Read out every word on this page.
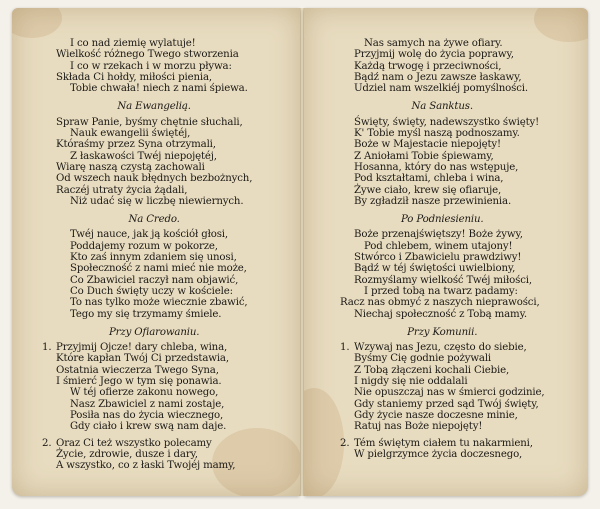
I co nad ziemię wylatuje!
Wielkość różnego Twego stworzenia
I co w rzekach i w morzu pływa:
Składa Ci hołdy, miłości pienia,
Tobie chwała! niech z nami śpiewa.
Na Ewangelią.
Spraw Panie, byśmy chętnie słuchali,
Nauk ewangelii świętéj,
Któraśmy przez Syna otrzymali,
Z łaskawości Twéj niepojętéj,
Wiarę naszą czystą zachowali
Od wszech nauk błędnych bezbożnych,
Raczéj utraty życia żądali,
Niż udać się w liczbę niewiernych.
Na Credo.
Twéj nauce, jak ją kościół głosi,
Poddajemy rozum w pokorze,
Kto zaś innym zdaniem się unosi,
Społeczność z nami mieć nie może,
Co Zbawiciel raczył nam objawić,
Co Duch święty uczy w kościele:
To nas tylko może wiecznie zbawić,
Tego my się trzymamy śmiele.
Przy Ofiarowaniu.
1. Przyjmij Ojcze! dary chleba, wina,
Które kapłan Twój Ci przedstawia,
Ostatnia wieczerza Twego Syna,
I śmierć Jego w tym się ponawia.
W téj ofierze zakonu nowego,
Nasz Zbawiciel z nami zostaje,
Posiła nas do życia wiecznego,
Gdy ciało i krew swą nam daje.
2. Oraz Ci też wszystko polecamy
Życie, zdrowie, dusze i dary,
A wszystko, co z łaski Twojéj mamy,
Nas samych na żywe ofiary.
Przyjmij wolę do życia poprawy,
Każdą trwogę i przeciwności,
Bądź nam o Jezu zawsze łaskawy,
Udziel nam wszelkiéj pomyślności.
Na Sanktus.
Święty, święty, nadewszystko święty!
K' Tobie myśl naszą podnoszamy.
Boże w Majestacie niepojęty!
Z Aniołami Tobie śpiewamy,
Hosanna, który do nas wstępuje,
Pod kształtami, chleba i wina,
Żywe ciało, krew się ofiaruje,
By zgładził nasze przewinienia.
Po Podniesieniu.
Boże przenajświętszy! Boże żywy,
Pod chlebem, winem utajony!
Stwórco i Zbawicielu prawdziwy!
Bądź w téj świętości uwielbiony,
Rozmyślamy wielkość Twéj miłości,
I przed tobą na twarz padamy:
Racz nas obmyć z naszych nieprawości,
Niechaj społeczność z Tobą mamy.
Przy Komunii.
1. Wzywaj nas Jezu, często do siebie,
Byśmy Cię godnie pożywali
Z Tobą złączeni kochali Ciebie,
I nigdy się nie oddalali
Nie opuszczaj nas w śmierci godzinie,
Gdy staniemy przed sąd Twój święty,
Gdy życie nasze doczesne minie,
Ratuj nas Boże niepojęty!
2. Tém świętym ciałem tu nakarmieni,
W pielgrzymce życia doczesnego,
